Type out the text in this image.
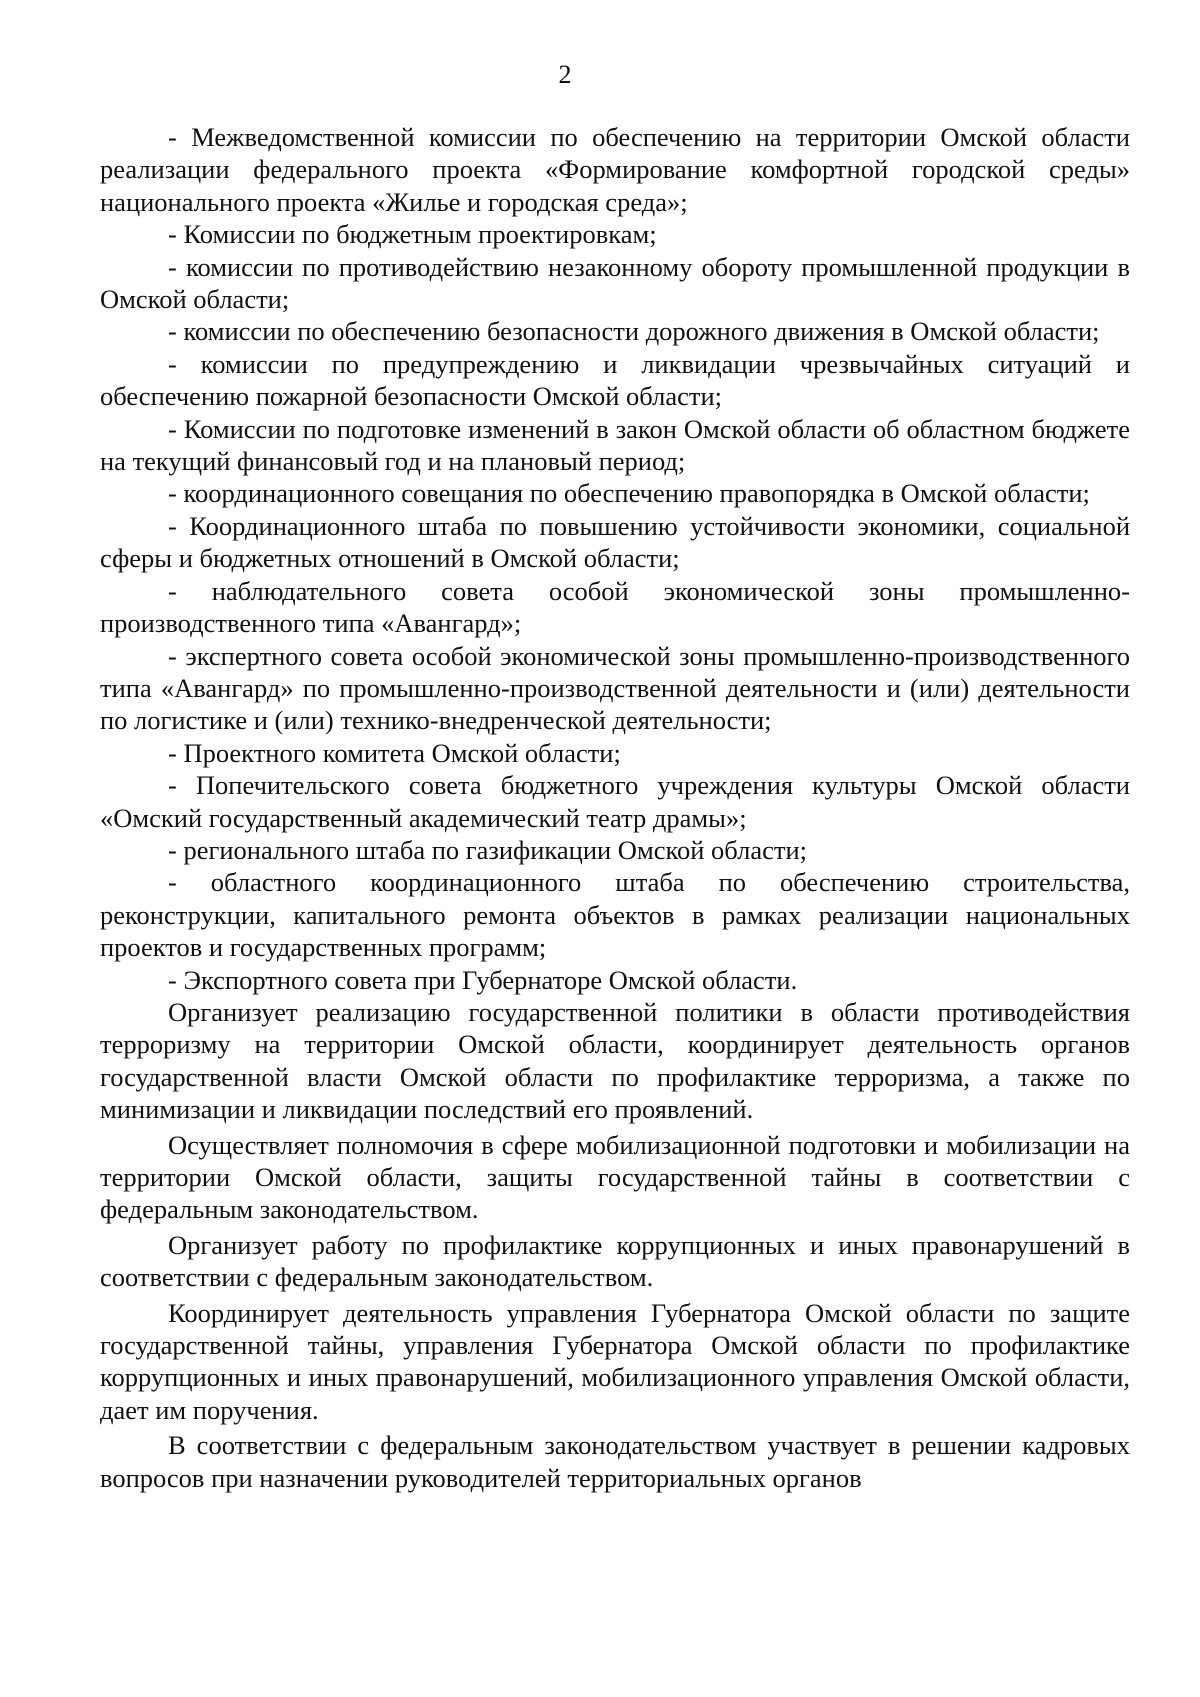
2

- Межведомственной комиссии по обеспечению на территории Омской области реализации федерального проекта «Формирование комфортной городской среды» национального проекта «Жилье и городская среда»;

- Комиссии по бюджетным проектировкам;

- комиссии по противодействию незаконному обороту промышленной продукции в Омской области;

- комиссии по обеспечению безопасности дорожного движения в Омской области;

- комиссии по предупреждению и ликвидации чрезвычайных ситуаций и обеспечению пожарной безопасности Омской области;

- Комиссии по подготовке изменений в закон Омской области об областном бюджете на текущий финансовый год и на плановый период;

- координационного совещания по обеспечению правопорядка в Омской области;

- Координационного штаба по повышению устойчивости экономики, социальной сферы и бюджетных отношений в Омской области;

- наблюдательного совета особой экономической зоны промышленно-производственного типа «Авангард»;

- экспертного совета особой экономической зоны промышленно-производственного типа «Авангард» по промышленно-производственной деятельности и (или) деятельности по логистике и (или) технико-внедренческой деятельности;

- Проектного комитета Омской области;

- Попечительского совета бюджетного учреждения культуры Омской области «Омский государственный академический театр драмы»;

- регионального штаба по газификации Омской области;

- областного координационного штаба по обеспечению строительства, реконструкции, капитального ремонта объектов в рамках реализации национальных проектов и государственных программ;

- Экспортного совета при Губернаторе Омской области.

Организует реализацию государственной политики в области противодействия терроризму на территории Омской области, координирует деятельность органов государственной власти Омской области по профилактике терроризма, а также по минимизации и ликвидации последствий его проявлений.

Осуществляет полномочия в сфере мобилизационной подготовки и мобилизации на территории Омской области, защиты государственной тайны в соответствии с федеральным законодательством.

Организует работу по профилактике коррупционных и иных правонарушений в соответствии с федеральным законодательством.

Координирует деятельность управления Губернатора Омской области по защите государственной тайны, управления Губернатора Омской области по профилактике коррупционных и иных правонарушений, мобилизационного управления Омской области, дает им поручения.

В соответствии с федеральным законодательством участвует в решении кадровых вопросов при назначении руководителей территориальных органов
